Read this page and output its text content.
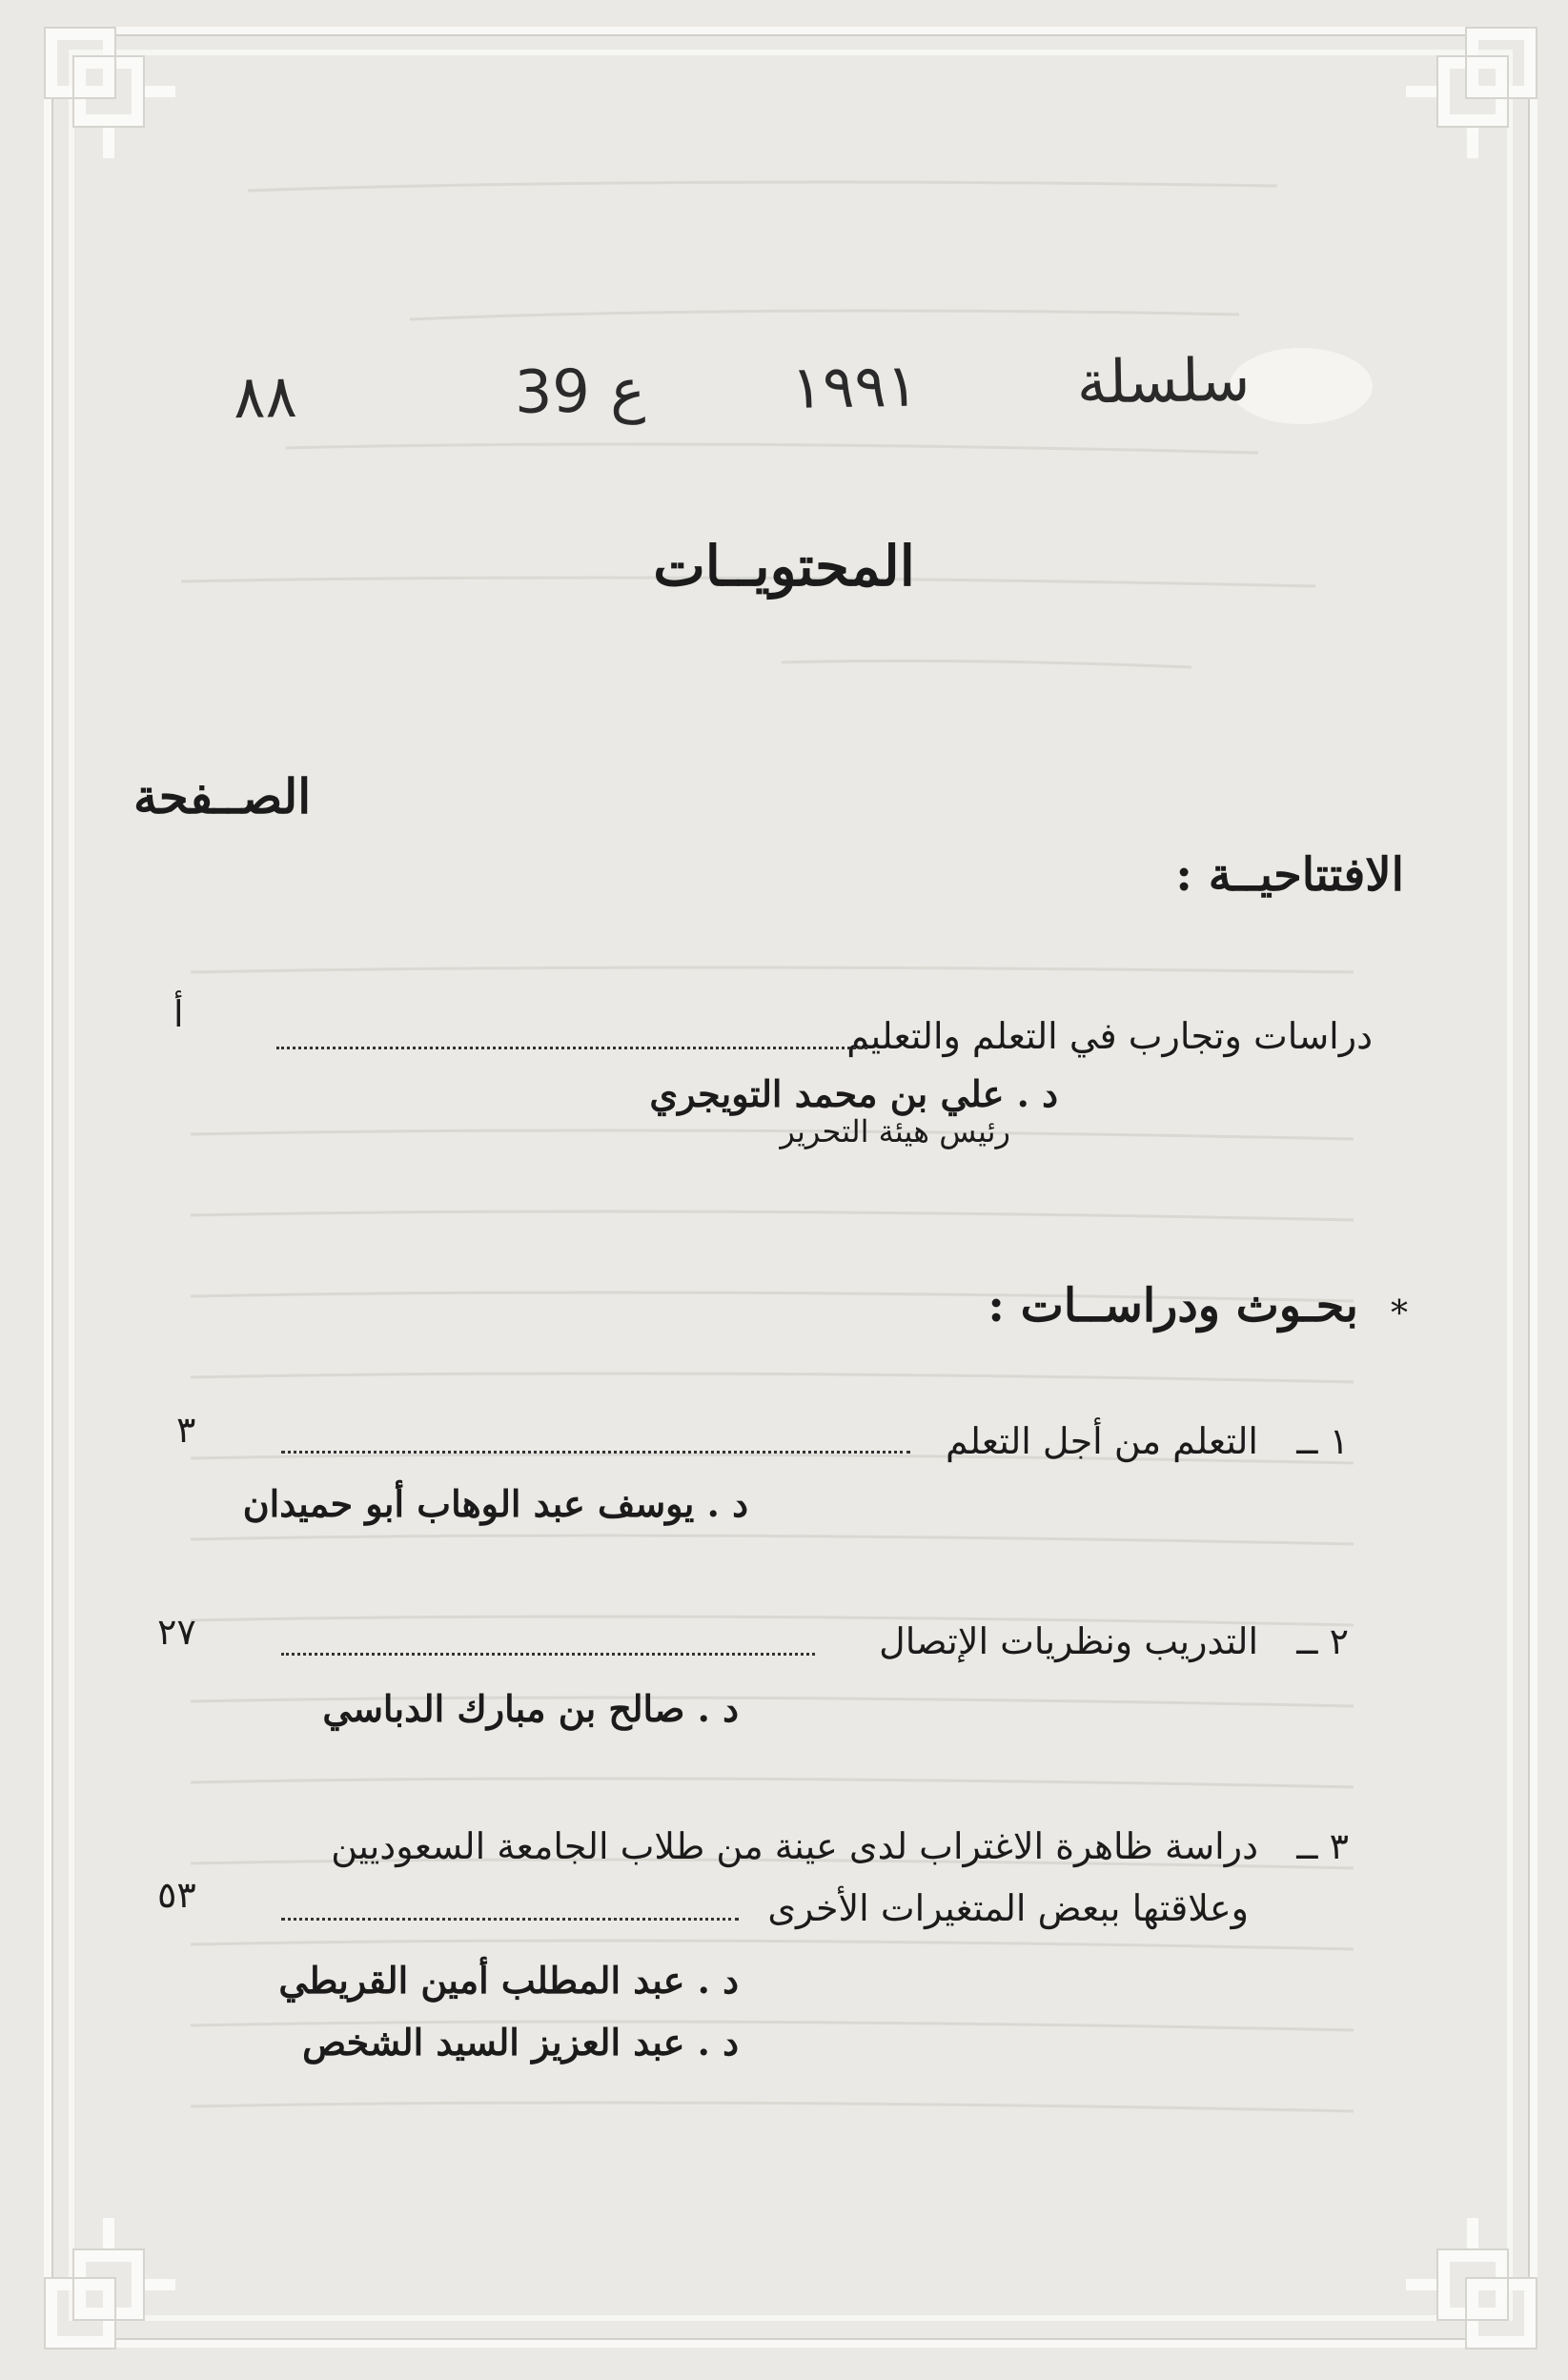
٨٨	39 ع ١٩٩١	سلسلة
المحتويــات
الصــفحة
الافتتاحيــة :
دراسات وتجارب في التعلم والتعليم
أ
د . علي بن محمد التويجري
رئيس هيئة التحرير
*
بحـوث ودراســات :
١ ــ
التعلم من أجل التعلم
٣
د . يوسف عبد الوهاب أبو حميدان
٢ ــ
التدريب ونظريات الإتصال
٢٧
د . صالح بن مبارك الدباسي
٣ ــ
دراسة ظاهرة الاغتراب لدى عينة من طلاب الجامعة السعوديين
وعلاقتها ببعض المتغيرات الأخرى
٥٣
د . عبد المطلب أمين القريطي
د . عبد العزيز السيد الشخص
